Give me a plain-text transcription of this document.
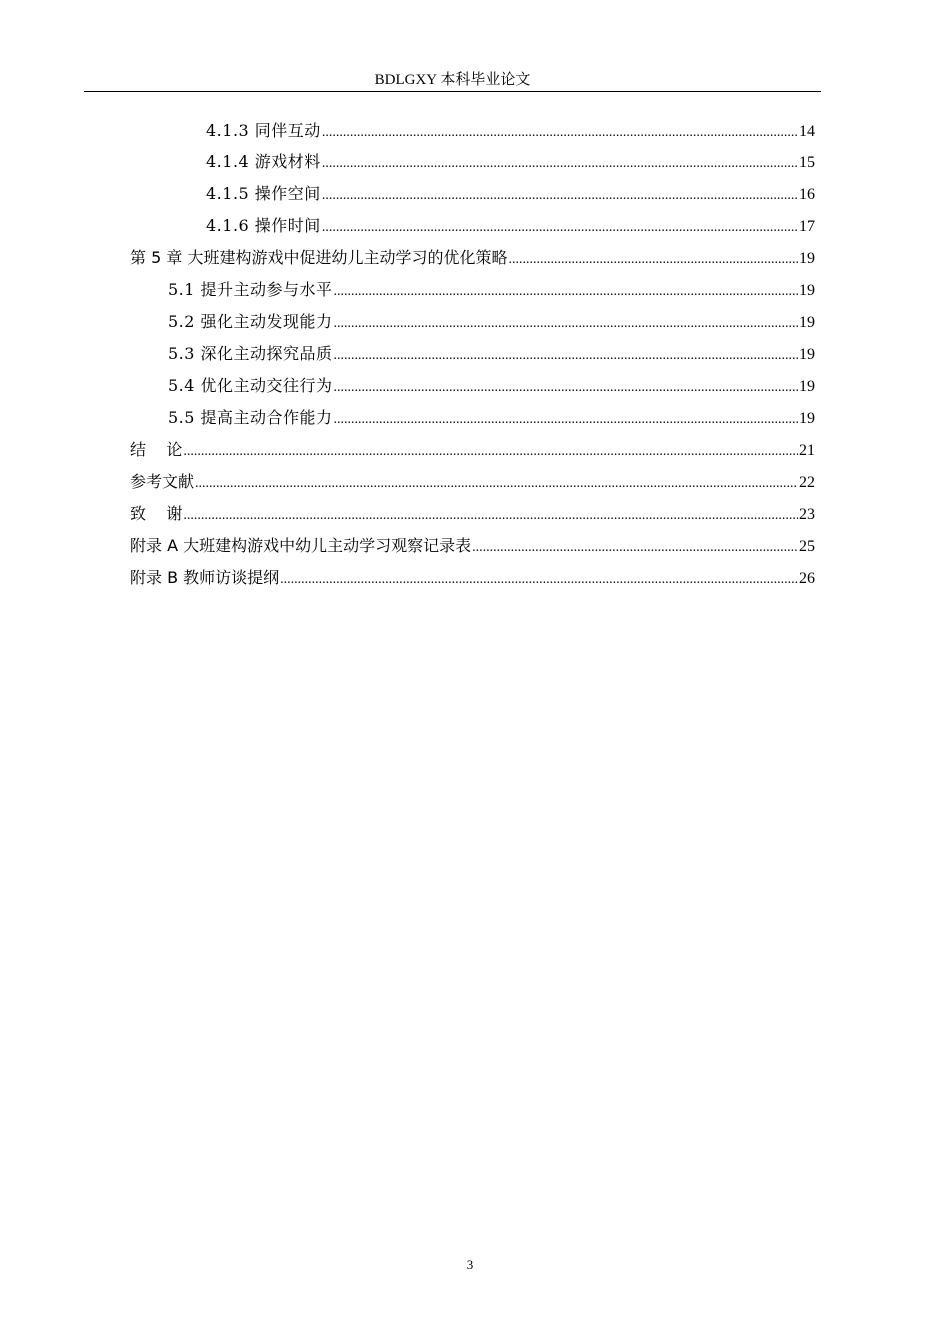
BDLGXY 本科毕业论文
4.1.3 同伴互动 .....	14
4.1.4 游戏材料 .....	15
4.1.5 操作空间 .....	16
4.1.6 操作时间 .....	17
第 5 章 大班建构游戏中促进幼儿主动学习的优化策略 .....	19
5.1 提升主动参与水平 .....	19
5.2 强化主动发现能力 .....	19
5.3 深化主动探究品质 .....	19
5.4 优化主动交往行为 .....	19
5.5 提高主动合作能力 .....	19
结    论 .....	21
参考文献 .....	22
致    谢 .....	23
附录 A 大班建构游戏中幼儿主动学习观察记录表 .....	25
附录 B 教师访谈提纲 .....	26
3
